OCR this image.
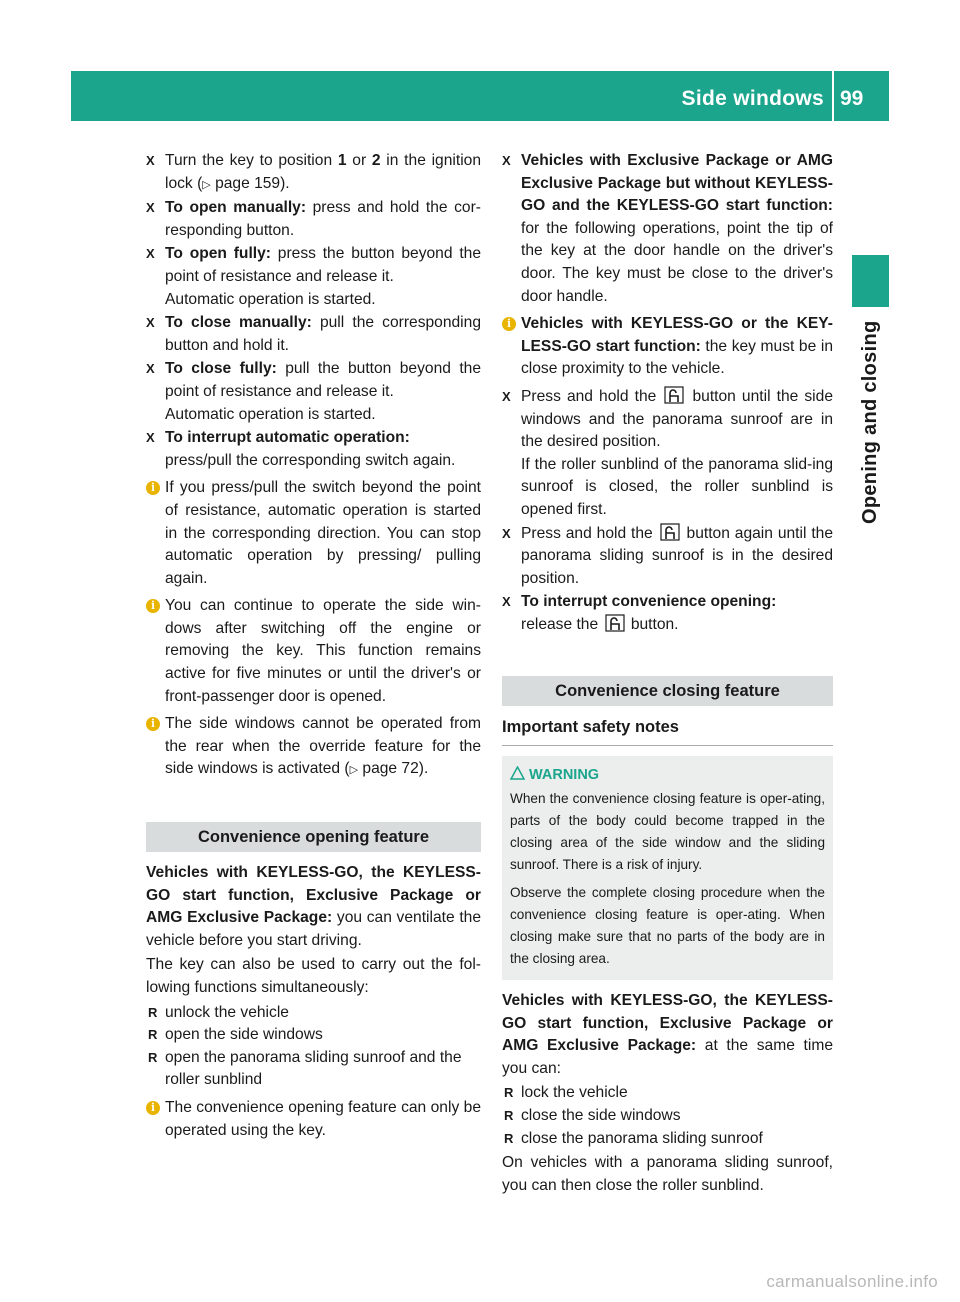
Side windows 99
Opening and closing
X Turn the key to position 1 or 2 in the ignition lock (▷ page 159).
X To open manually: press and hold the cor-responding button.
X To open fully: press the button beyond the point of resistance and release it.
Automatic operation is started.
X To close manually: pull the corresponding button and hold it.
X To close fully: pull the button beyond the point of resistance and release it.
Automatic operation is started.
X To interrupt automatic operation:
press/pull the corresponding switch again.
i If you press/pull the switch beyond the point of resistance, automatic operation is started in the corresponding direction. You can stop automatic operation by pressing/ pulling again.
i You can continue to operate the side win-dows after switching off the engine or removing the key. This function remains active for five minutes or until the driver's or front-passenger door is opened.
i The side windows cannot be operated from the rear when the override feature for the side windows is activated (▷ page 72).
Convenience opening feature
Vehicles with KEYLESS-GO, the KEYLESS-GO start function, Exclusive Package or AMG Exclusive Package: you can ventilate the vehicle before you start driving.
The key can also be used to carry out the fol-lowing functions simultaneously:
R unlock the vehicle
R open the side windows
R open the panorama sliding sunroof and the roller sunblind
i The convenience opening feature can only be operated using the key.
X Vehicles with Exclusive Package or AMG Exclusive Package but without KEYLESS-GO and the KEYLESS-GO start function: for the following operations, point the tip of the key at the door handle on the driver's door. The key must be close to the driver's door handle.
i Vehicles with KEYLESS-GO or the KEY-LESS-GO start function: the key must be in close proximity to the vehicle.
X Press and hold the  button until the side windows and the panorama sunroof are in the desired position.
If the roller sunblind of the panorama slid-ing sunroof is closed, the roller sunblind is opened first.
X Press and hold the  button again until the panorama sliding sunroof is in the desired position.
X To interrupt convenience opening:
release the  button.
Convenience closing feature
Important safety notes
WARNING
When the convenience closing feature is oper-ating, parts of the body could become trapped in the closing area of the side window and the sliding sunroof. There is a risk of injury.
Observe the complete closing procedure when the convenience closing feature is oper-ating. When closing make sure that no parts of the body are in the closing area.
Vehicles with KEYLESS-GO, the KEYLESS-GO start function, Exclusive Package or AMG Exclusive Package: at the same time you can:
R lock the vehicle
R close the side windows
R close the panorama sliding sunroof
On vehicles with a panorama sliding sunroof, you can then close the roller sunblind.
carmanualsonline.info
